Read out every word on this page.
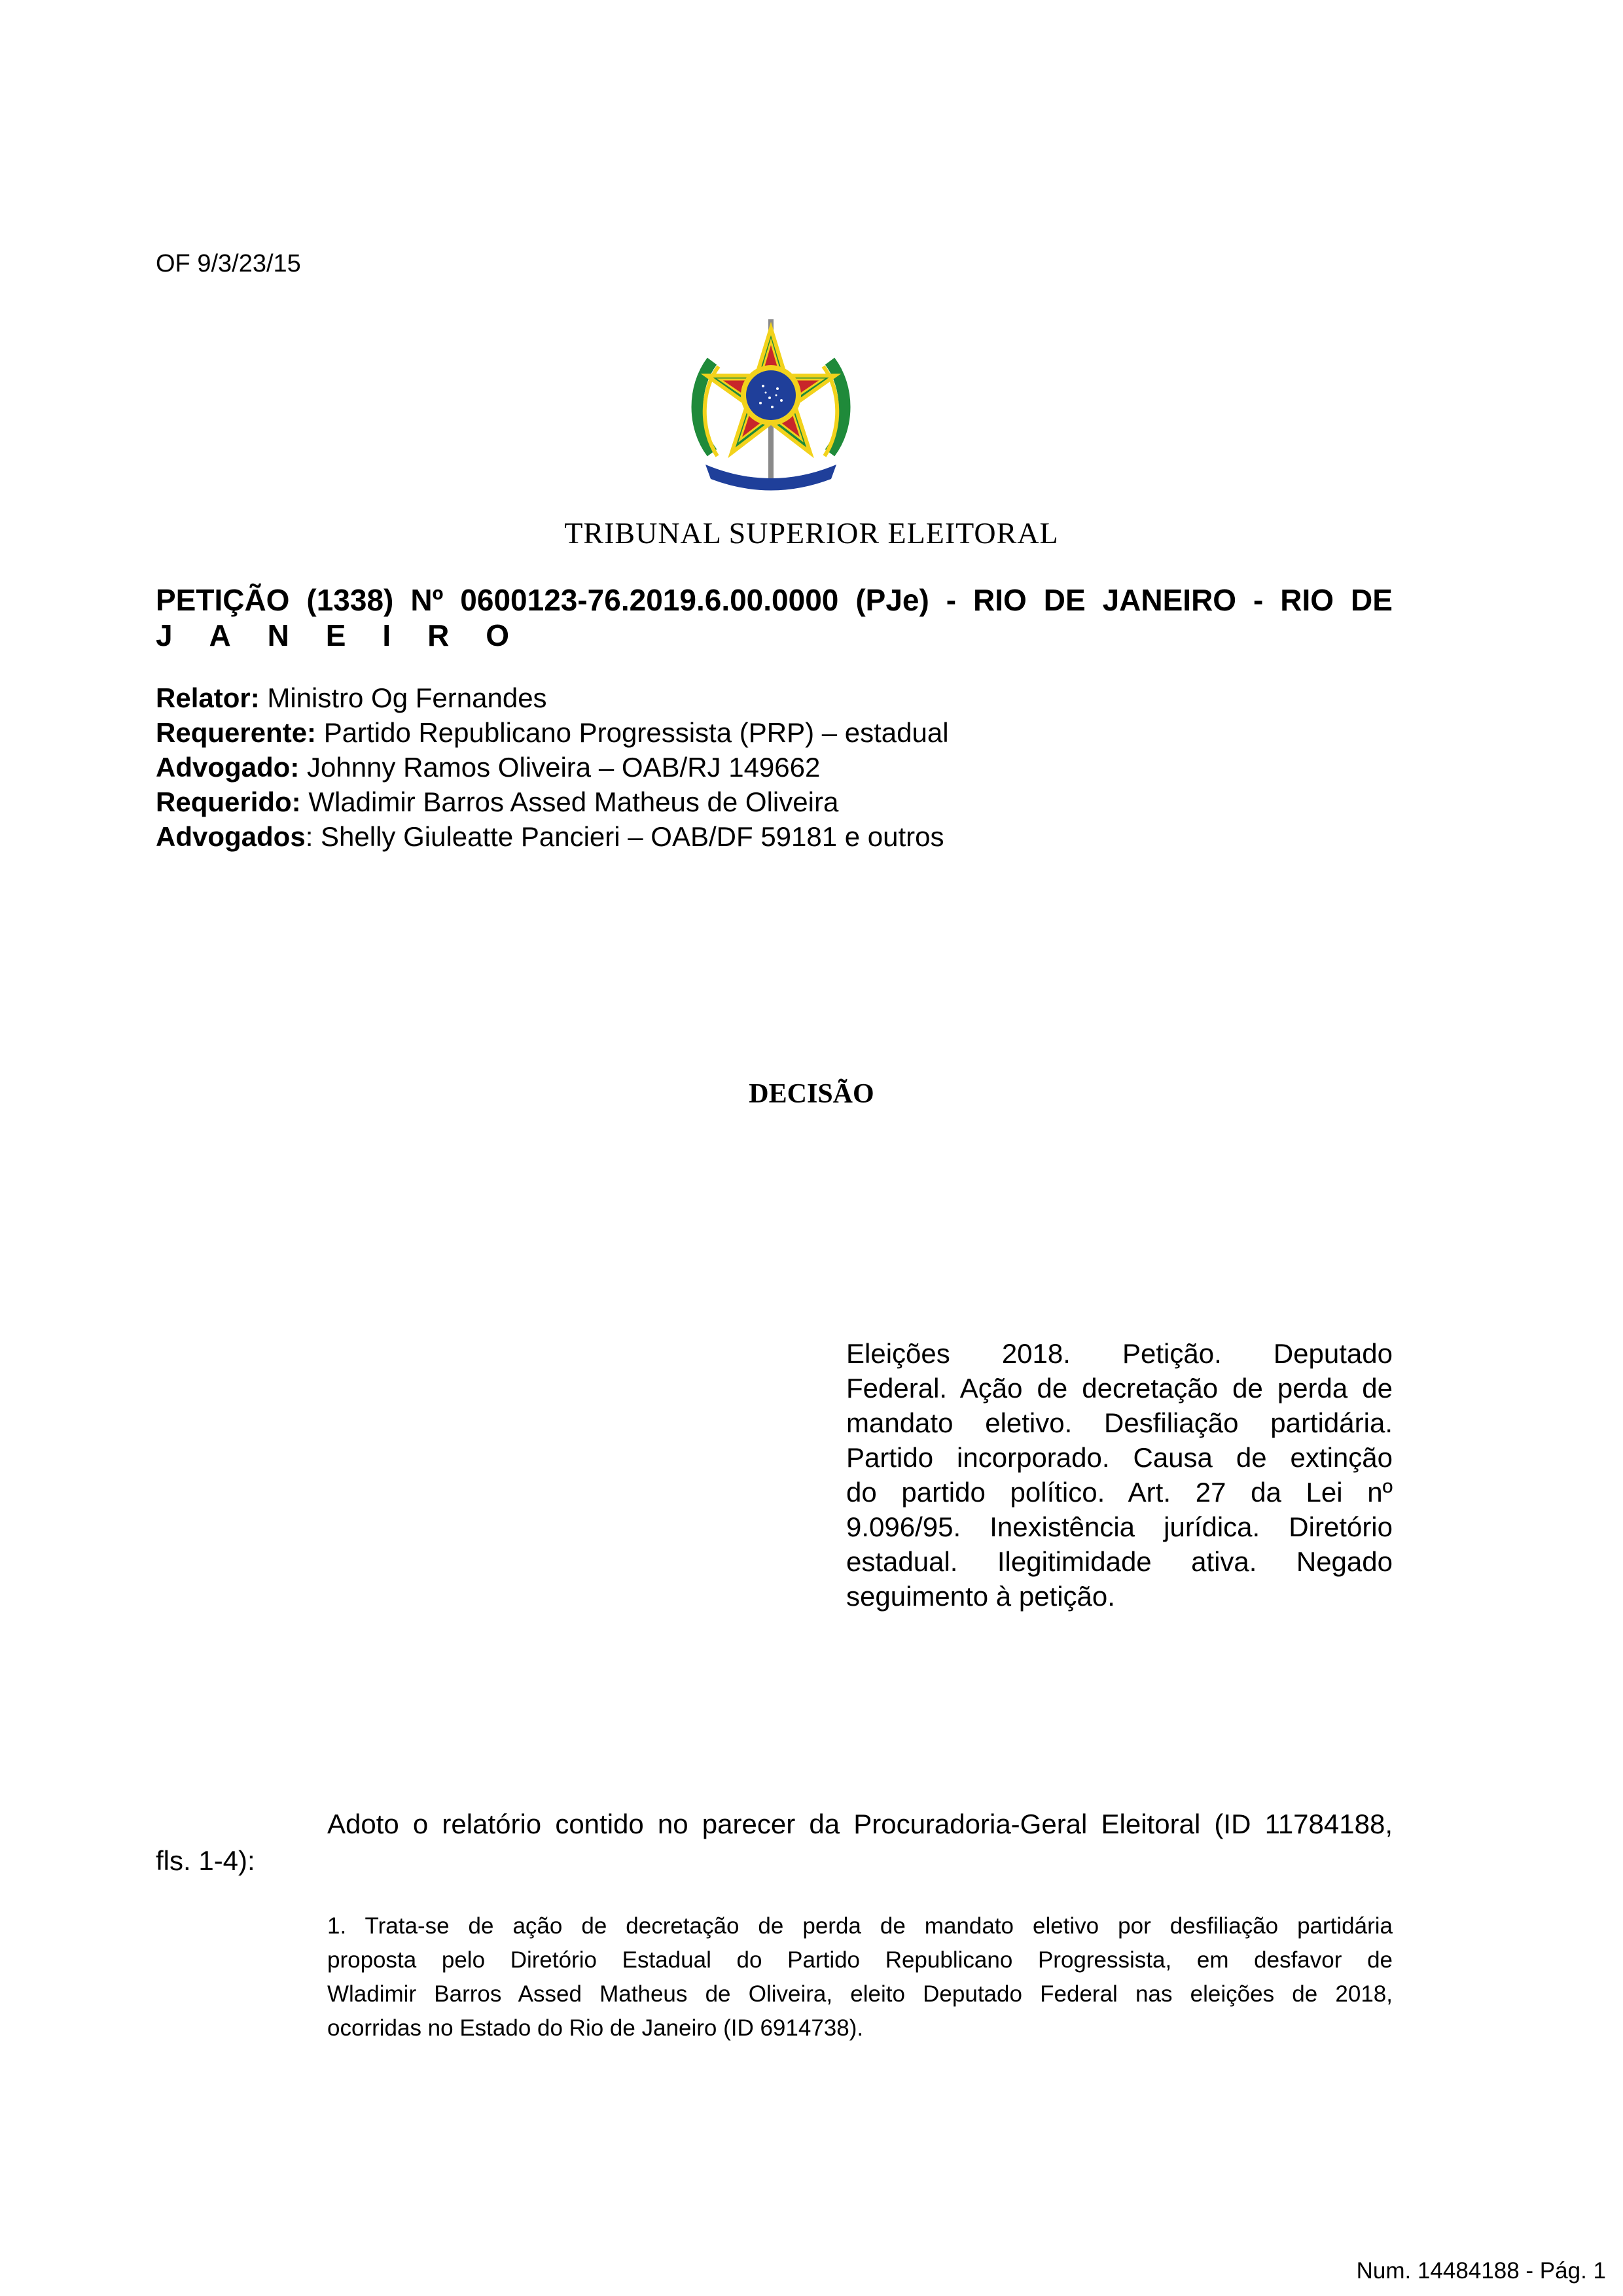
OF 9/3/23/15
TRIBUNAL SUPERIOR ELEITORAL
PETIÇÃO (1338) Nº 0600123-76.2019.6.00.0000 (PJe) - RIO DE JANEIRO - RIO DE
J A N E I R O
Relator: Ministro Og Fernandes
Requerente: Partido Republicano Progressista (PRP) – estadual
Advogado: Johnny Ramos Oliveira – OAB/RJ 149662
Requerido: Wladimir Barros Assed Matheus de Oliveira
Advogados: Shelly Giuleatte Pancieri – OAB/DF 59181 e outros
DECISÃO
Eleições 2018. Petição. Deputado
Federal. Ação de decretação de perda de
mandato eletivo. Desfiliação partidária.
Partido incorporado. Causa de extinção
do partido político. Art. 27 da Lei nº
9.096/95. Inexistência jurídica. Diretório
estadual. Ilegitimidade ativa. Negado
seguimento à petição.
Adoto o relatório contido no parecer da Procuradoria-Geral Eleitoral (ID 11784188,
fls. 1-4):
1. Trata-se de ação de decretação de perda de mandato eletivo por desfiliação partidária
proposta pelo Diretório Estadual do Partido Republicano Progressista, em desfavor de
Wladimir Barros Assed Matheus de Oliveira, eleito Deputado Federal nas eleições de 2018,
ocorridas no Estado do Rio de Janeiro (ID 6914738).
Num. 14484188 - Pág. 1
